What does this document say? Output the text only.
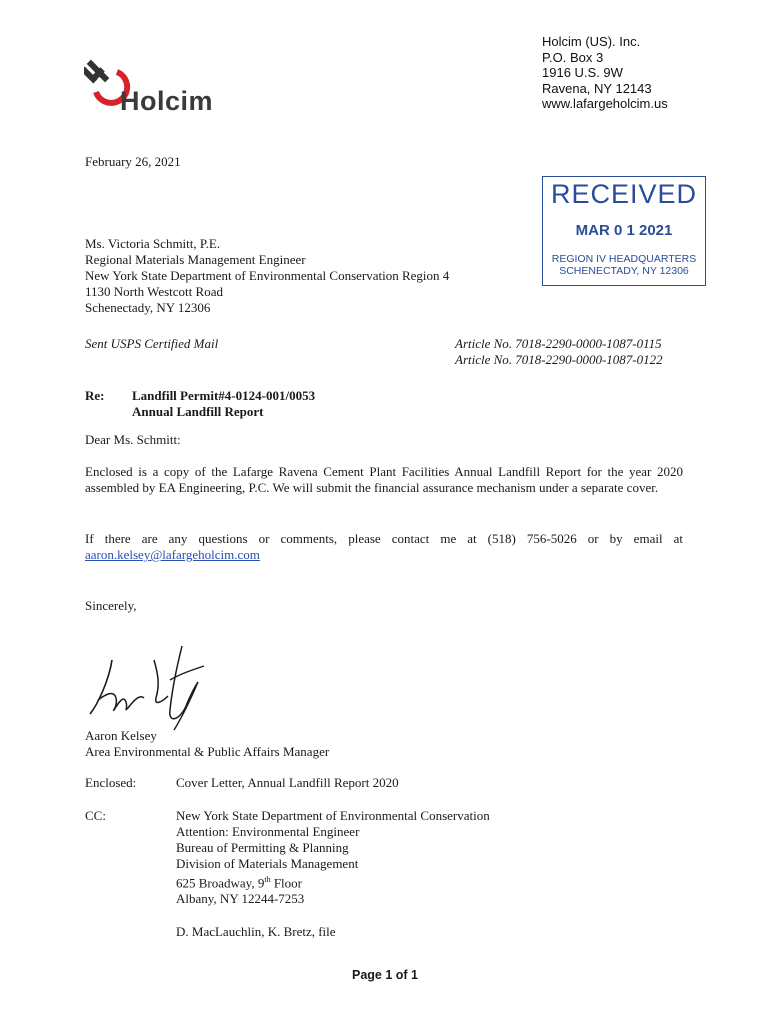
Holcim
Holcim (US). Inc.
P.O. Box 3
1916 U.S. 9W
Ravena, NY 12143
www.lafargeholcim.us
February 26, 2021
RECEIVED
MAR 0 1 2021
REGION IV HEADQUARTERS
SCHENECTADY, NY 12306
Ms. Victoria Schmitt, P.E.
Regional Materials Management Engineer
New York State Department of Environmental Conservation Region 4
1130 North Westcott Road
Schenectady, NY 12306
Sent USPS Certified Mail	Article No. 7018-2290-0000-1087-0115
Article No. 7018-2290-0000-1087-0122
Re: Landfill Permit#4-0124-001/0053
Annual Landfill Report
Dear Ms. Schmitt:
Enclosed is a copy of the Lafarge Ravena Cement Plant Facilities Annual Landfill Report for the year 2020 assembled by EA Engineering, P.C. We will submit the financial assurance mechanism under a separate cover.
If there are any questions or comments, please contact me at (518) 756-5026 or by email at aaron.kelsey@lafargeholcim.com
Sincerely,
Aaron Kelsey
Area Environmental & Public Affairs Manager
Enclosed:	Cover Letter, Annual Landfill Report 2020
CC:	New York State Department of Environmental Conservation
Attention: Environmental Engineer
Bureau of Permitting & Planning
Division of Materials Management
625 Broadway, 9th Floor
Albany, NY 12244-7253
D. MacLauchlin, K. Bretz, file
Page 1 of 1
